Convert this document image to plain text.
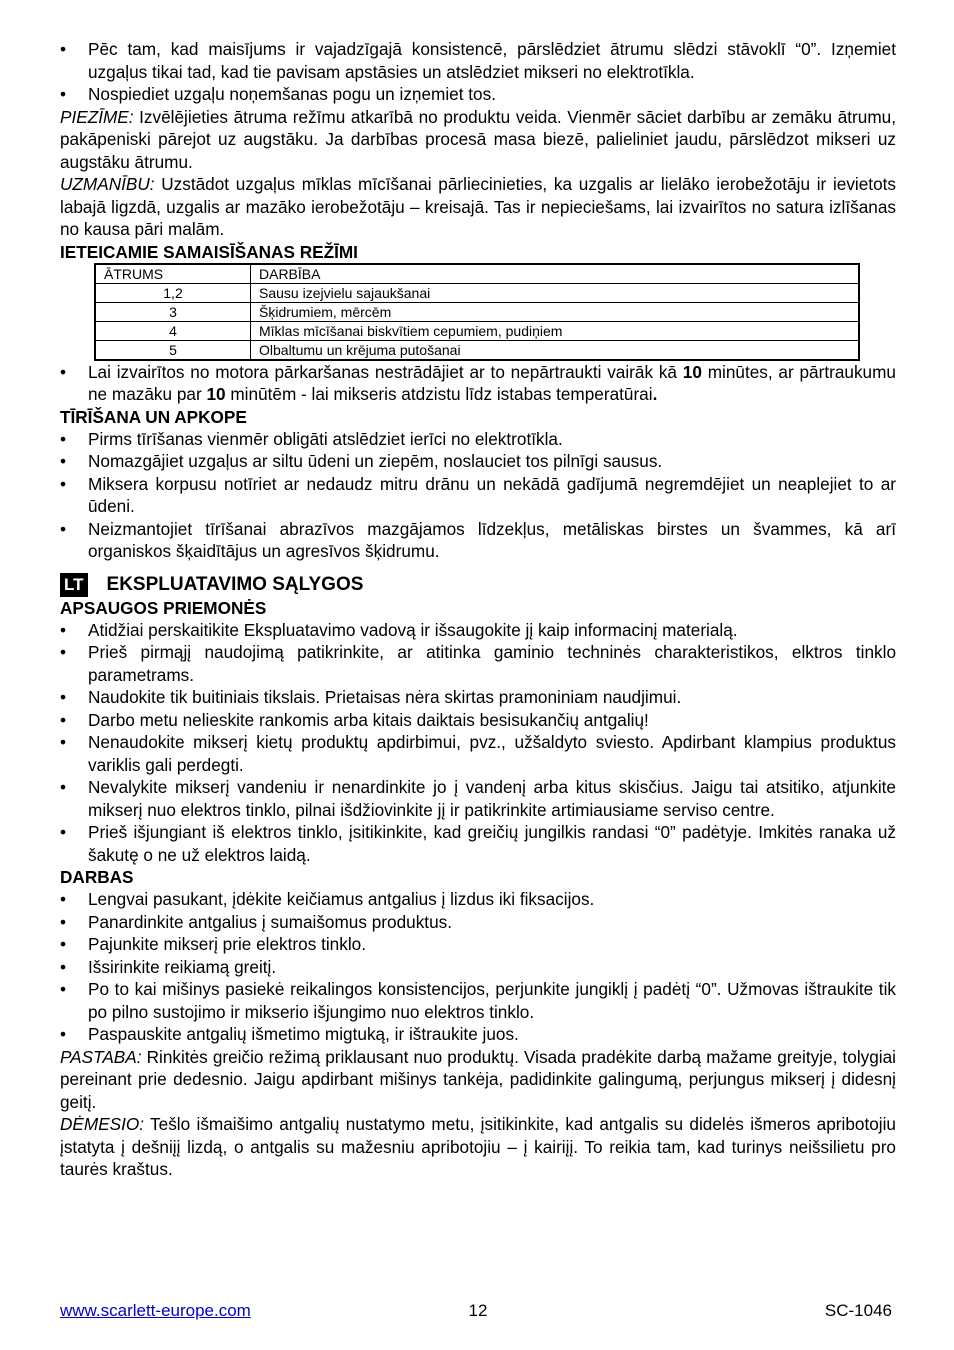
• Pēc tam, kad maisījums ir vajadzīgajā konsistencē, pārslēdziet ātrumu slēdzi stāvoklī “0”. Izņemiet uzgaļus tikai tad, kad tie pavisam apstāsies un atslēdziet mikseri no elektrotīkla.
• Nospiediet uzgaļu noņemšanas pogu un izņemiet tos.

PIEZĪME: Izvēlējieties ātruma režīmu atkarībā no produktu veida. Vienmēr sāciet darbību ar zemāku ātrumu, pakāpeniski pārejot uz augstāku. Ja darbības procesā masa biezē, palieliniet jaudu, pārslēdzot mikseri uz augstāku ātrumu.

UZMANĪBU: Uzstādot uzgaļus mīklas mīcīšanai pārliecinieties, ka uzgalis ar lielāko ierobežotāju ir ievietots labajā ligzdā, uzgalis ar mazāko ierobežotāju – kreisajā. Tas ir nepieciešams, lai izvairītos no satura izlīšanas no kausa pāri malām.

IETEICAMIE SAMAISĪŠANAS REŽĪMI
ĀTRUMS	DARBĪBA
1,2	Sausu izejvielu sajaukšanai
3	Šķidrumiem, mērcēm
4	Mīklas mīcīšanai biskvītiem cepumiem, pudiņiem
5	Olbaltumu un krējuma putošanai
• Lai izvairītos no motora pārkaršanas nestrādājiet ar to nepārtraukti vairāk kā 10 minūtes, ar pārtraukumu ne mazāku par 10 minūtēm - lai mikseris atdzistu līdz istabas temperatūrai.
TĪRĪŠANA UN APKOPE
• Pirms tīrīšanas vienmēr obligāti atslēdziet ierīci no elektrotīkla.
• Nomazgājiet uzgaļus ar siltu ūdeni un ziepēm, noslauciet tos pilnīgi sausus.
• Miksera korpusu notīriet ar nedaudz mitru drānu un nekādā gadījumā negremdējiet un neaplejiet to ar ūdeni.
• Neizmantojiet tīrīšanai abrazīvos mazgājamos līdzekļus, metāliskas birstes un švammes, kā arī organiskos šķaidītājus un agresīvos šķidrumu.
LT EKSPLUATAVIMO SĄLYGOS
APSAUGOS PRIEMONĖS
• Atidžiai perskaitikite Ekspluatavimo vadovą ir išsaugokite jį kaip informacinį materialą.
• Prieš pirmąjį naudojimą patikrinkite, ar atitinka gaminio techninės charakteristikos, elktros tinklo parametrams.
• Naudokite tik buitiniais tikslais. Prietaisas nėra skirtas pramoniniam naudjimui.
• Darbo metu nelieskite rankomis arba kitais daiktais besisukančių antgalių!
• Nenaudokite mikserį kietų produktų apdirbimui, pvz., užšaldyto sviesto. Apdirbant klampius produktus variklis gali perdegti.
• Nevalykite mikserį vandeniu ir nenardinkite jo į vandenį arba kitus skisčius. Jaigu tai atsitiko, atjunkite mikserį nuo elektros tinklo, pilnai išdžiovinkite jį ir patikrinkite artimiausiame serviso centre.
• Prieš išjungiant iš elektros tinklo, įsitikinkite, kad greičių jungilkis randasi “0” padėtyje. Imkitės ranaka už šakutę o ne už elektros laidą.
DARBAS
• Lengvai pasukant, įdėkite keičiamus antgalius į lizdus iki fiksacijos.
• Panardinkite antgalius į sumaišomus produktus.
• Pajunkite mikserį prie elektros tinklo.
• Išsirinkite reikiamą greitį.
• Po to kai mišinys pasiekė reikalingos konsistencijos, perjunkite jungiklį į padėtį “0”. Užmovas ištraukite tik po pilno sustojimo ir mikserio išjungimo nuo elektros tinklo.
• Paspauskite antgalių išmetimo migtuką, ir ištraukite juos.

PASTABA: Rinkitės greičio režimą priklausant nuo produktų. Visada pradėkite darbą mažame greityje, tolygiai pereinant prie dedesnio. Jaigu apdirbant mišinys tankėja, padidinkite galingumą, perjungus mikserį į didesnį geitį.

DĖMESIO: Tešlo išmaišimo antgalių nustatymo metu, įsitikinkite, kad antgalis su didelės išmeros apribotojiu įstatyta į dešniįį lizdą, o antgalis su mažesniu apribotojiu – į kairiįį. To reikia tam, kad turinys neišsilietu pro taurės kraštus.

12
www.scarlett-europe.com	SC-1046
